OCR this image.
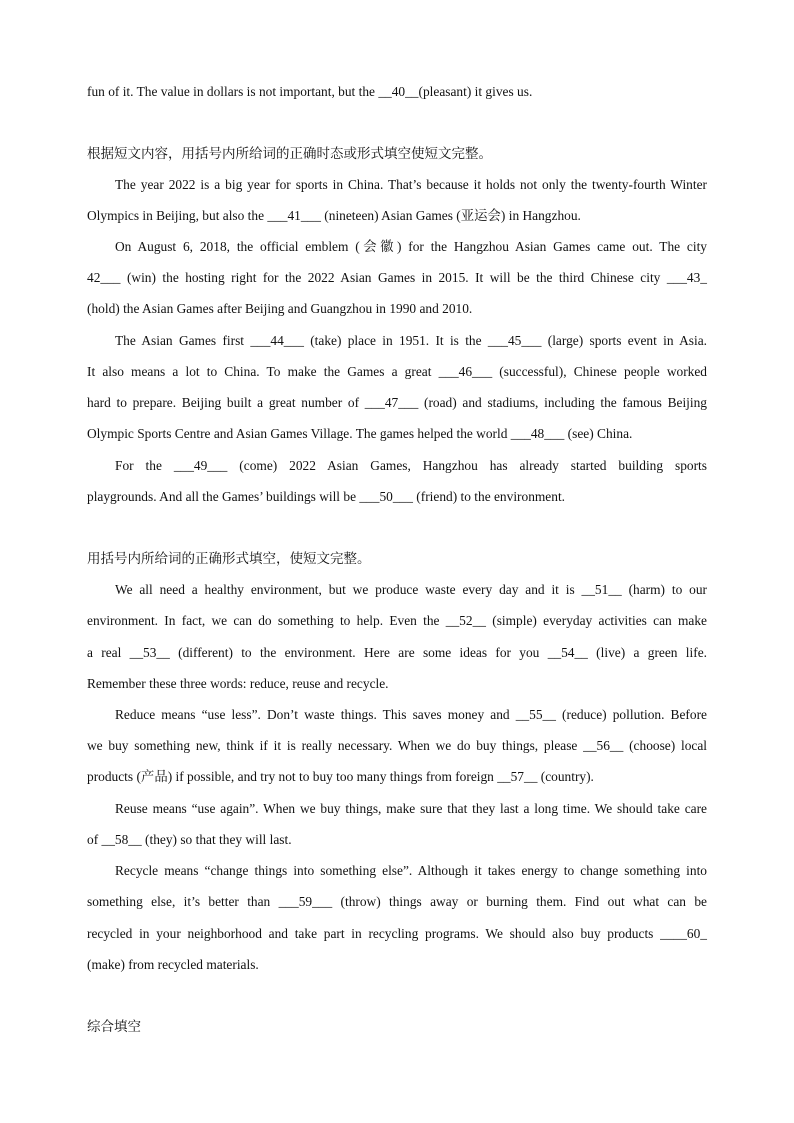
fun of it. The value in dollars is not important, but the __40__(pleasant) it gives us.
根据短文内容，用括号内所给词的正确时态或形式填空使短文完整。
The year 2022 is a big year for sports in China. That’s because it holds not only the twenty-fourth Winter
Olympics in Beijing, but also the ___41___ (nineteen) Asian Games (亚运会) in Hangzhou.
On August 6, 2018, the official emblem (会徽) for the Hangzhou Asian Games came out. The city
42___ (win) the hosting right for the 2022 Asian Games in 2015. It will be the third Chinese city ___43_
(hold) the Asian Games after Beijing and Guangzhou in 1990 and 2010.
The Asian Games first ___44___ (take) place in 1951. It is the ___45___ (large) sports event in Asia.
It also means a lot to China. To make the Games a great ___46___ (successful), Chinese people worked
hard to prepare. Beijing built a great number of ___47___ (road) and stadiums, including the famous Beijing
Olympic Sports Centre and Asian Games Village. The games helped the world ___48___ (see) China.
For the ___49___ (come) 2022 Asian Games, Hangzhou has already started building sports
playgrounds. And all the Games’ buildings will be ___50___ (friend) to the environment.
用括号内所给词的正确形式填空，使短文完整。
We all need a healthy environment, but we produce waste every day and it is __51__ (harm) to our
environment. In fact, we can do something to help. Even the __52__ (simple) everyday activities can make
a real __53__ (different) to the environment. Here are some ideas for you __54__ (live) a green life.
Remember these three words: reduce, reuse and recycle.
Reduce means “use less”. Don’t waste things. This saves money and __55__ (reduce) pollution. Before
we buy something new, think if it is really necessary. When we do buy things, please __56__ (choose) local
products (产品) if possible, and try not to buy too many things from foreign __57__ (country).
Reuse means “use again”. When we buy things, make sure that they last a long time. We should take care
of __58__ (they) so that they will last.
Recycle means “change things into something else”. Although it takes energy to change something into
something else, it’s better than ___59___ (throw) things away or burning them. Find out what can be
recycled in your neighborhood and take part in recycling programs. We should also buy products ____60_
(make) from recycled materials.
综合填空
